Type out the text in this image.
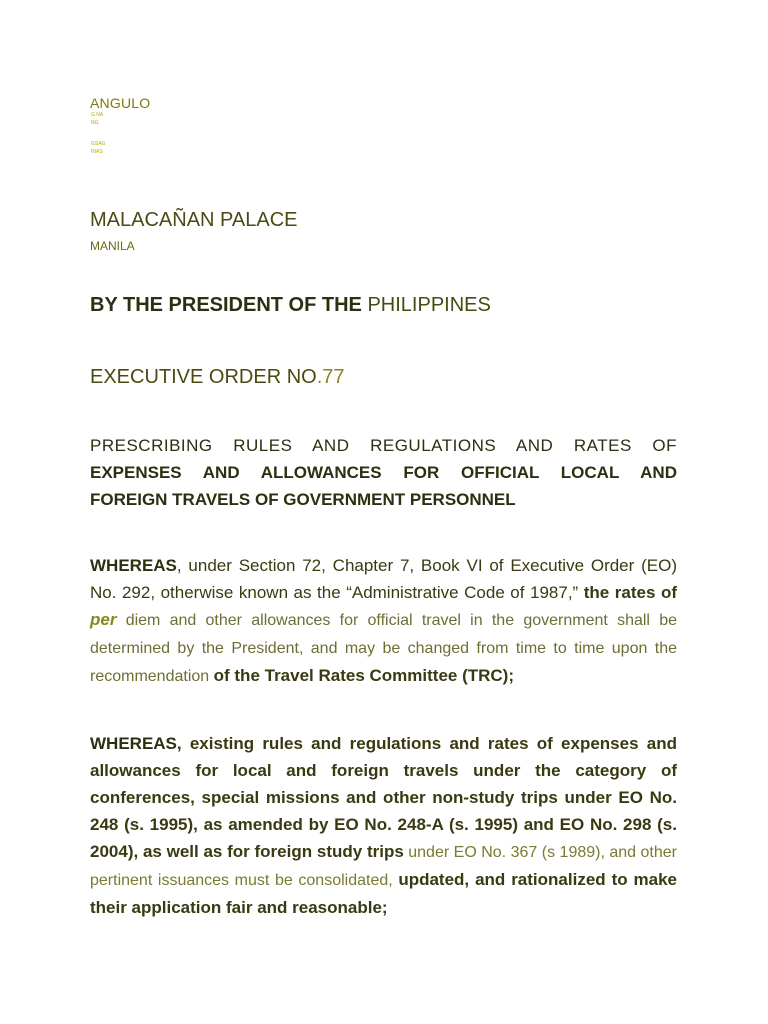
ANGULO

G NA
NG

GSAG
INAS

MALACAÑAN PALACE

MANILA

BY THE PRESIDENT OF THE PHILIPPINES

EXECUTIVE ORDER NO.77

PRESCRIBING RULES AND REGULATIONS AND RATES OF
EXPENSES AND ALLOWANCES FOR OFFICIAL LOCAL AND
FOREIGN TRAVELS OF GOVERNMENT PERSONNEL

WHEREAS, under Section 72, Chapter 7, Book VI of Executive Order (EO) No. 292, otherwise known as the “Administrative Code of 1987,” the rates of per diem and other allowances for official travel in the government shall be determined by the President, and may be changed from time to time upon the recommendation of the Travel Rates Committee (TRC);

WHEREAS, existing rules and regulations and rates of expenses and allowances for local and foreign travels under the category of conferences, special missions and other non-study trips under EO No. 248 (s. 1995), as amended by EO No. 248-A (s. 1995) and EO No. 298 (s. 2004), as well as for foreign study trips under EO No. 367 (s 1989), and other pertinent issuances must be consolidated, updated, and rationalized to make their application fair and reasonable;
